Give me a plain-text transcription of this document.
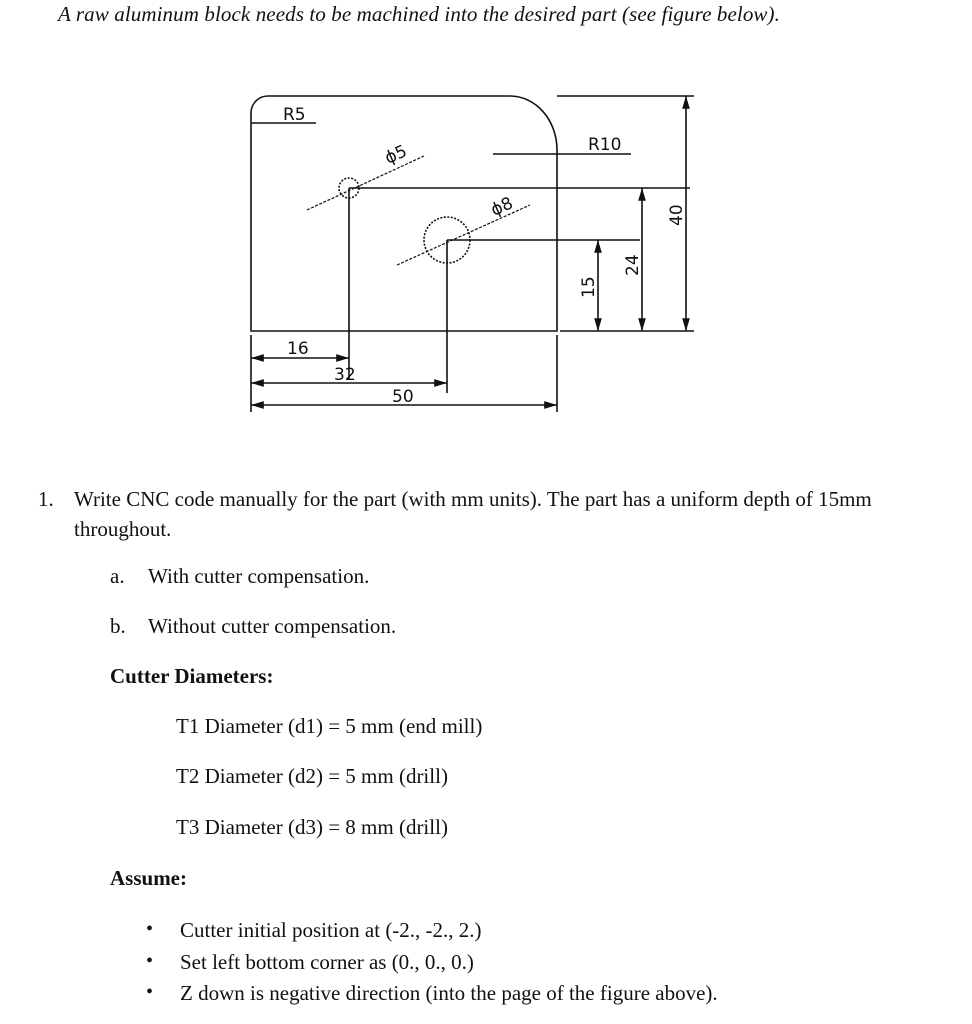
A raw aluminum block needs to be machined into the desired part (see figure below).
R5
R10
ϕ5
ϕ8
16
32
50
15
24
40
1. Write CNC code manually for the part (with mm units). The part has a uniform depth of 15mm throughout.
a. With cutter compensation.
b. Without cutter compensation.
Cutter Diameters:
T1 Diameter (d1) = 5 mm (end mill)
T2 Diameter (d2) = 5 mm (drill)
T3 Diameter (d3) = 8 mm (drill)
Assume:
• Cutter initial position at (-2., -2., 2.)
• Set left bottom corner as (0., 0., 0.)
• Z down is negative direction (into the page of the figure above).
